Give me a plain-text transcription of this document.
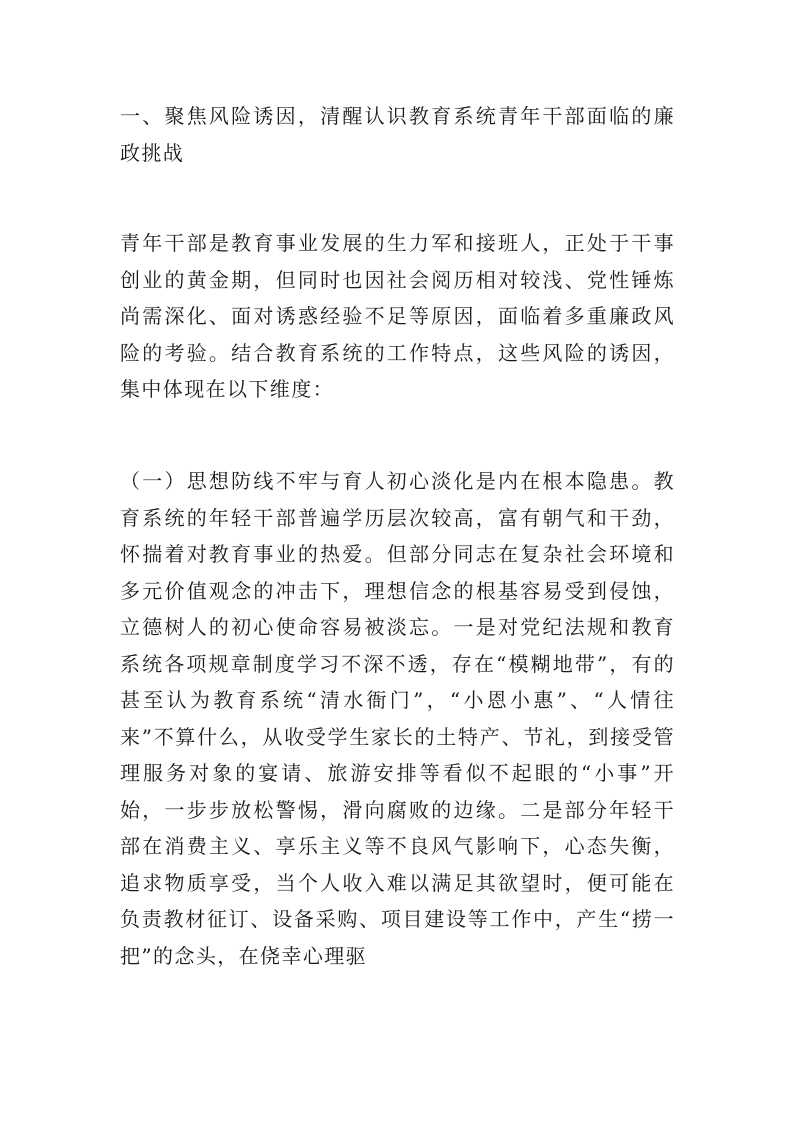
一、聚焦风险诱因，清醒认识教育系统青年干部面临的廉政挑战

青年干部是教育事业发展的生力军和接班人，正处于干事创业的黄金期，但同时也因社会阅历相对较浅、党性锤炼尚需深化、面对诱惑经验不足等原因，面临着多重廉政风险的考验。结合教育系统的工作特点，这些风险的诱因，集中体现在以下维度：

（一）思想防线不牢与育人初心淡化是内在根本隐患。教育系统的年轻干部普遍学历层次较高，富有朝气和干劲，怀揣着对教育事业的热爱。但部分同志在复杂社会环境和多元价值观念的冲击下，理想信念的根基容易受到侵蚀，立德树人的初心使命容易被淡忘。一是对党纪法规和教育系统各项规章制度学习不深不透，存在“模糊地带”，有的甚至认为教育系统“清水衙门”，“小恩小惠”、“人情往来”不算什么，从收受学生家长的土特产、节礼，到接受管理服务对象的宴请、旅游安排等看似不起眼的“小事”开始，一步步放松警惕，滑向腐败的边缘。二是部分年轻干部在消费主义、享乐主义等不良风气影响下，心态失衡，追求物质享受，当个人收入难以满足其欲望时，便可能在负责教材征订、设备采购、项目建设等工作中，产生“捞一把”的念头，在侥幸心理驱
